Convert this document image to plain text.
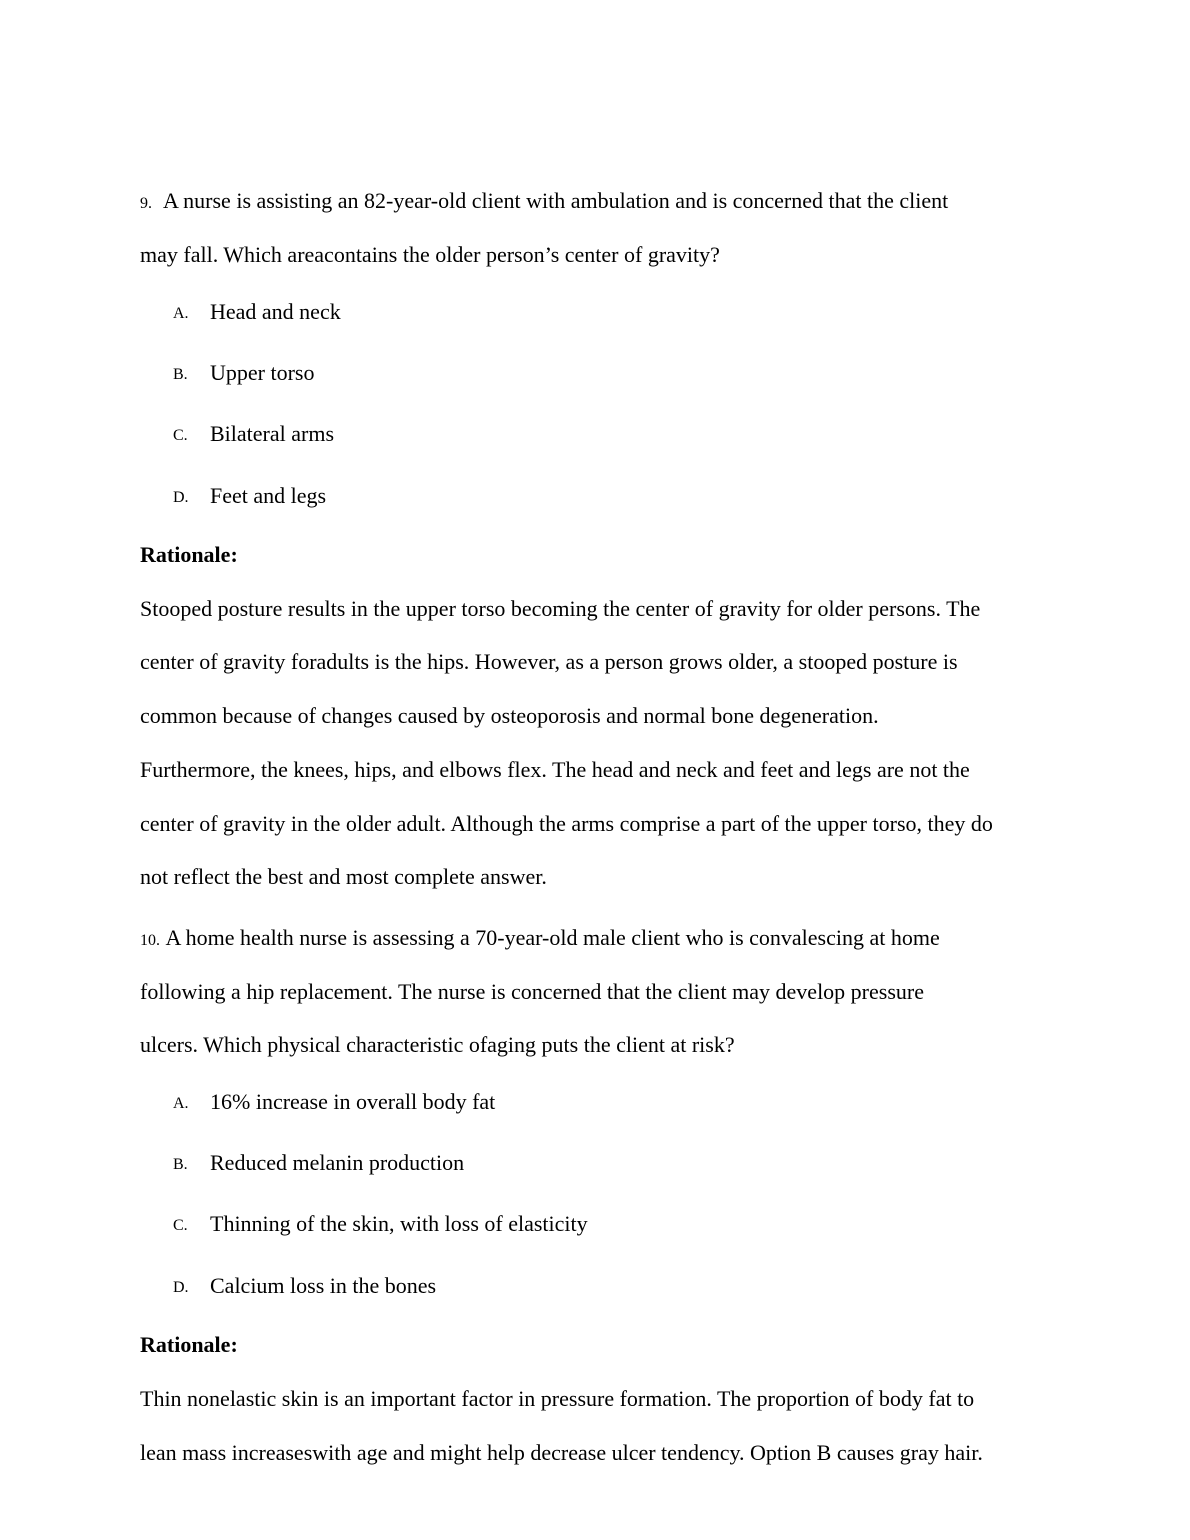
9. A nurse is assisting an 82-year-old client with ambulation and is concerned that the client
may fall. Which areacontains the older person’s center of gravity?
A. Head and neck
B. Upper torso
C. Bilateral arms
D. Feet and legs
Rationale:
Stooped posture results in the upper torso becoming the center of gravity for older persons. The
center of gravity foradults is the hips. However, as a person grows older, a stooped posture is
common because of changes caused by osteoporosis and normal bone degeneration.
Furthermore, the knees, hips, and elbows flex. The head and neck and feet and legs are not the
center of gravity in the older adult. Although the arms comprise a part of the upper torso, they do
not reflect the best and most complete answer.
10. A home health nurse is assessing a 70-year-old male client who is convalescing at home
following a hip replacement. The nurse is concerned that the client may develop pressure
ulcers. Which physical characteristic ofaging puts the client at risk?
A. 16% increase in overall body fat
B. Reduced melanin production
C. Thinning of the skin, with loss of elasticity
D. Calcium loss in the bones
Rationale:
Thin nonelastic skin is an important factor in pressure formation. The proportion of body fat to
lean mass increaseswith age and might help decrease ulcer tendency. Option B causes gray hair.
